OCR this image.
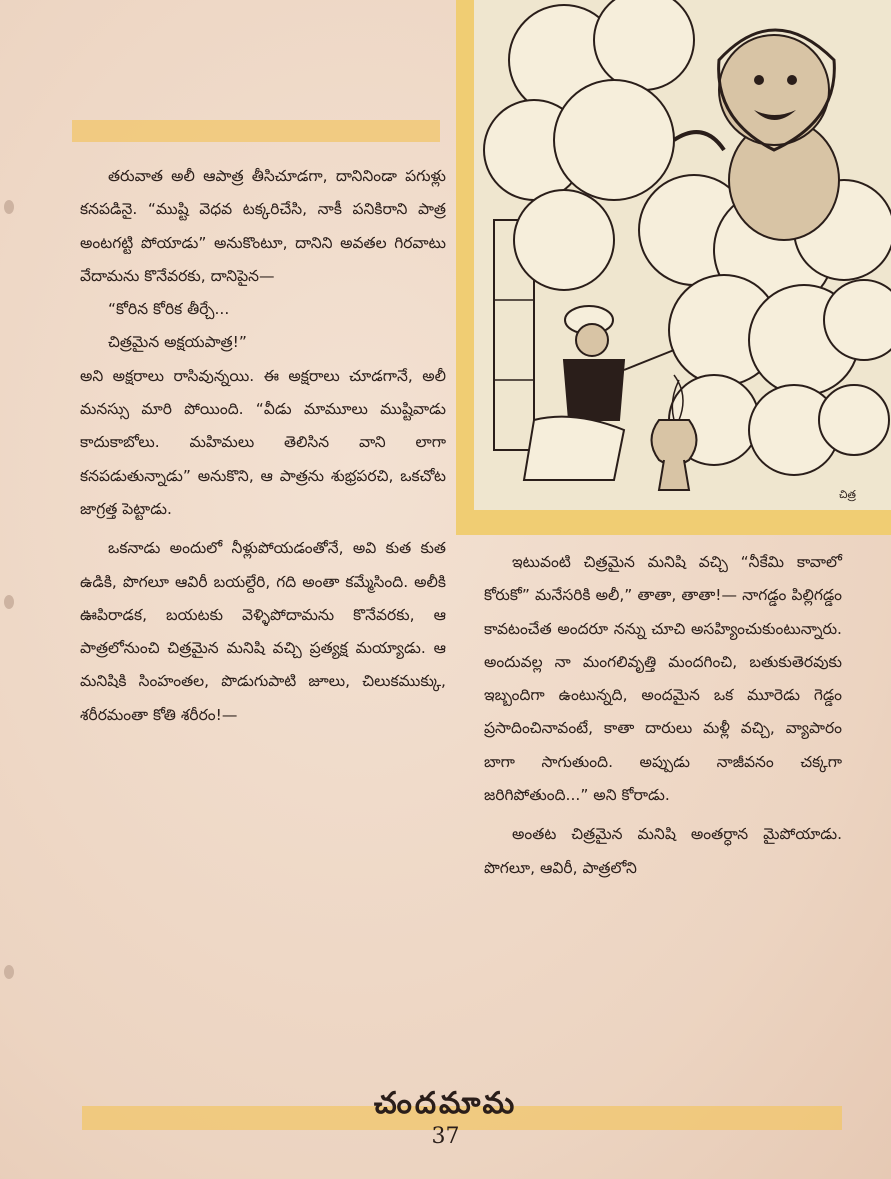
చిత్ర

తరువాత అలీ ఆపాత్ర తీసిచూడగా, దానినిండా పగుళ్లు కనపడినై. “ముష్టి వెధవ టక్కరిచేసి, నాకీ పనికిరాని పాత్ర అంటగట్టి పోయాడు” అనుకొంటూ, దానిని అవతల గిరవాటు వేదామను కొనేవరకు, దానిపైన—

“కోరిన కోరిక తీర్చే...

చిత్రమైన అక్షయపాత్ర!”

అని అక్షరాలు రాసివున్నయి. ఈ అక్షరాలు చూడగానే, అలీ మనస్సు మారి పోయింది. “వీడు మామూలు ముష్టివాడు కాదుకాబోలు. మహిమలు తెలిసిన వాని లాగా కనపడుతున్నాడు” అనుకొని, ఆ పాత్రను శుభ్రపరచి, ఒకచోట జాగ్రత్త పెట్టాడు.

ఒకనాడు అందులో నీళ్లుపోయడంతోనే, అవి కుత కుత ఉడికి, పొగలూ ఆవిరీ బయల్దేరి, గది అంతా కమ్మేసింది. అలీకి ఊపిరాడక, బయటకు వెళ్ళిపోదామను కొనేవరకు, ఆ పాత్రలోనుంచి చిత్రమైన మనిషి వచ్చి ప్రత్యక్ష మయ్యాడు. ఆ మనిషికి సింహంతల, పొడుగుపాటి జూలు, చిలుకముక్కు, శరీరమంతా కోతి శరీరం!—

ఇటువంటి చిత్రమైన మనిషి వచ్చి “నీకేమి కావాలో కోరుకో” మనేసరికి అలీ,” తాతా, తాతా!— నాగడ్డం పిల్లిగడ్డం కావటంచేత అందరూ నన్ను చూచి అసహ్యించుకుంటున్నారు. అందువల్ల నా మంగలివృత్తి మందగించి, బతుకుతెరవుకు ఇబ్బందిగా ఉంటున్నది, అందమైన ఒక మూరెడు గెడ్డం ప్రసాదించినావంటే, కాతా దారులు మళ్లీ వచ్చి, వ్యాపారం బాగా సాగుతుంది. అప్పుడు నాజీవనం చక్కగా జరిగిపోతుంది...” అని కోరాడు.

అంతట చిత్రమైన మనిషి అంతర్ధాన మైపోయాడు. పొగలూ, ఆవిరీ, పాత్రలోని

చందమామ
37
